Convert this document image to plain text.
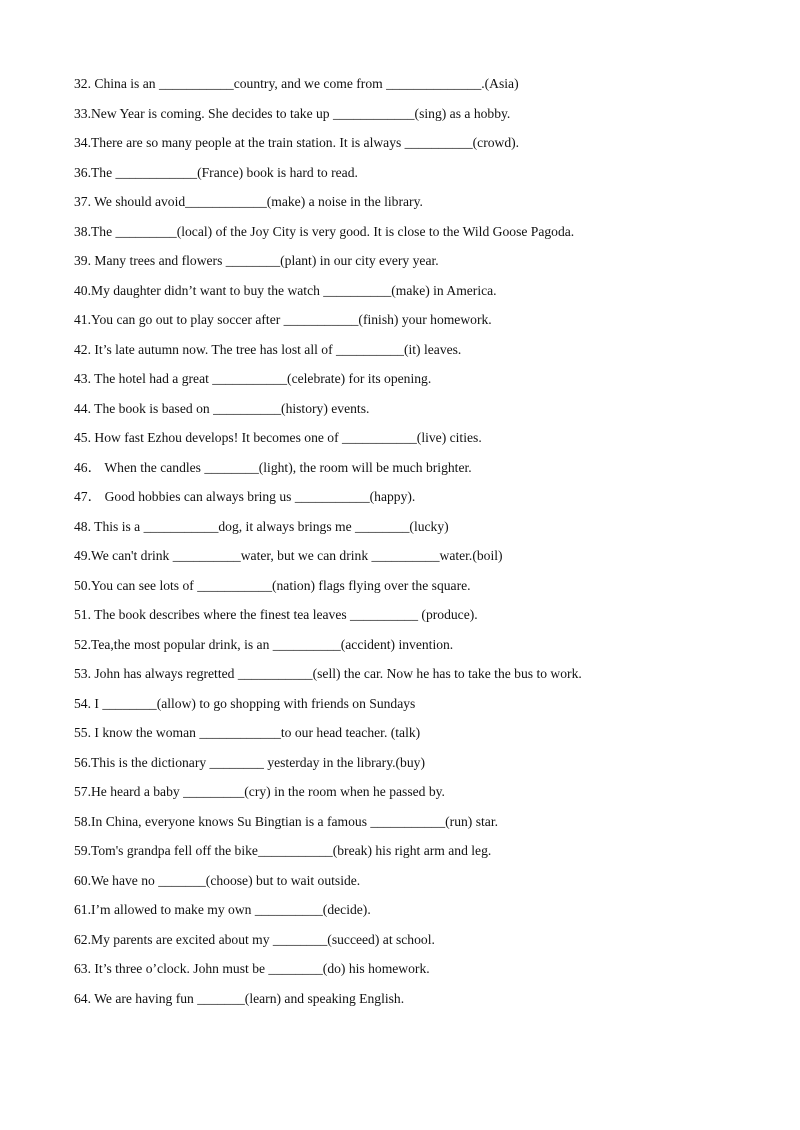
32. China is an ___________country, and we come from ______________.(Asia)
33.New Year is coming. She decides to take up ____________(sing) as a hobby.
34.There are so many people at the train station. It is always __________(crowd).
36.The ____________(France) book is hard to read.
37. We should avoid____________(make) a noise in the library.
38.The _________(local) of the Joy City is very good. It is close to the Wild Goose Pagoda.
39. Many trees and flowers ________(plant) in our city every year.
40.My daughter didn’t want to buy the watch __________(make) in America.
41.You can go out to play soccer after ___________(finish) your homework.
42. It’s late autumn now. The tree has lost all of __________(it) leaves.
43. The hotel had a great ___________(celebrate) for its opening.
44. The book is based on __________(history) events.
45. How fast Ezhou develops! It becomes one of ___________(live) cities.
46． When the candles ________(light), the room will be much brighter.
47． Good hobbies can always bring us ___________(happy).
48. This is a ___________dog, it always brings me ________(lucky)
49.We can't drink __________water, but we can drink __________water.(boil)
50.You can see lots of ___________(nation) flags flying over the square.
51. The book describes where the finest tea leaves __________ (produce).
52.Tea,the most popular drink, is an __________(accident) invention.
53. John has always regretted ___________(sell) the car. Now he has to take the bus to work.
54. I ________(allow) to go shopping with friends on Sundays
55. I know the woman ____________to our head teacher. (talk)
56.This is the dictionary ________ yesterday in the library.(buy)
57.He heard a baby _________(cry) in the room when he passed by.
58.In China, everyone knows Su Bingtian is a famous ___________(run) star.
59.Tom's grandpa fell off the bike___________(break) his right arm and leg.
60.We have no _______(choose) but to wait outside.
61.I’m allowed to make my own __________(decide).
62.My parents are excited about my ________(succeed) at school.
63. It’s three o’clock. John must be ________(do) his homework.
64. We are having fun _______(learn) and speaking English.
